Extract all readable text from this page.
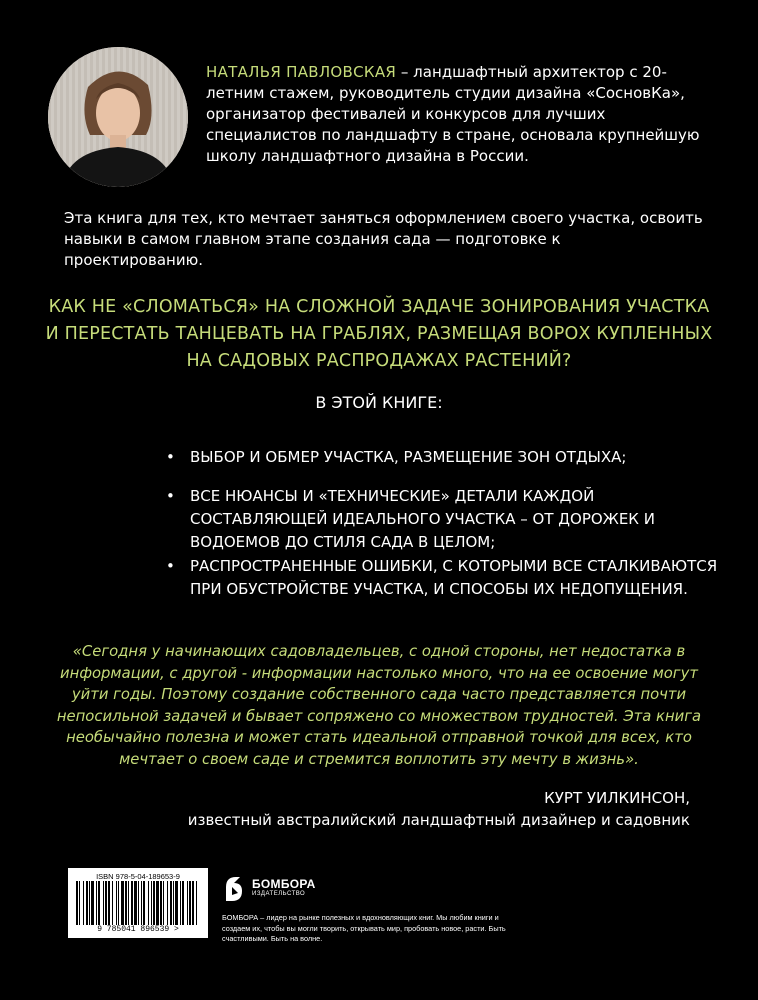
НАТАЛЬЯ ПАВЛОВСКАЯ – ландшафтный архитектор с 20-летним стажем, руководитель студии дизайна «СосновКа», организатор фестивалей и конкурсов для лучших специалистов по ландшафту в стране, основала крупнейшую школу ландшафтного дизайна в России.

Эта книга для тех, кто мечтает заняться оформлением своего участка, освоить навыки в самом главном этапе создания сада — подготовке к проектированию.

КАК НЕ «СЛОМАТЬСЯ» НА СЛОЖНОЙ ЗАДАЧЕ ЗОНИРОВАНИЯ УЧАСТКА И ПЕРЕСТАТЬ ТАНЦЕВАТЬ НА ГРАБЛЯХ, РАЗМЕЩАЯ ВОРОХ КУПЛЕННЫХ НА САДОВЫХ РАСПРОДАЖАХ РАСТЕНИЙ?

В ЭТОЙ КНИГЕ:

• ВЫБОР И ОБМЕР УЧАСТКА, РАЗМЕЩЕНИЕ ЗОН ОТДЫХА;
• ВСЕ НЮАНСЫ И «ТЕХНИЧЕСКИЕ» ДЕТАЛИ КАЖДОЙ СОСТАВЛЯЮЩЕЙ ИДЕАЛЬНОГО УЧАСТКА – ОТ ДОРОЖЕК И ВОДОЕМОВ ДО СТИЛЯ САДА В ЦЕЛОМ;
• РАСПРОСТРАНЕННЫЕ ОШИБКИ, С КОТОРЫМИ ВСЕ СТАЛКИВАЮТСЯ ПРИ ОБУСТРОЙСТВЕ УЧАСТКА, И СПОСОБЫ ИХ НЕДОПУЩЕНИЯ.

«Сегодня у начинающих садовладельцев, с одной стороны, нет недостатка в информации, с другой - информации настолько много, что на ее освоение могут уйти годы. Поэтому создание собственного сада часто представляется почти непосильной задачей и бывает сопряжено со множеством трудностей. Эта книга необычайно полезна и может стать идеальной отправной точкой для всех, кто мечтает о своем саде и стремится воплотить эту мечту в жизнь».

КУРТ УИЛКИНСОН,
известный австралийский ландшафтный дизайнер и садовник

ISBN 978-5-04-189653-9
9 785041 896539 >
БОМБОРА
ИЗДАТЕЛЬСТВО

БОМБОРА – лидер на рынке полезных и вдохновляющих книг. Мы любим книги и создаем их, чтобы вы могли творить, открывать мир, пробовать новое, расти. Быть счастливыми. Быть на волне.
